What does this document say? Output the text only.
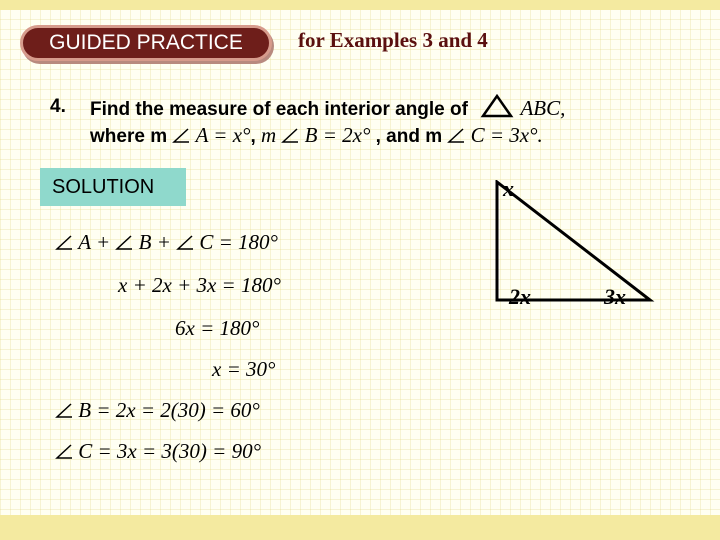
GUIDED PRACTICE	for Examples 3 and 4
4. Find the measure of each interior angle of	ABC,
where m A = x°, m B = 2x° , and m C = 3x°.
SOLUTION
A + B + C = 180°
x + 2x + 3x = 180°
6x = 180°
x = 30°
B = 2x = 2(30) = 60°
C = 3x = 3(30) = 90°
x
2x	3x
